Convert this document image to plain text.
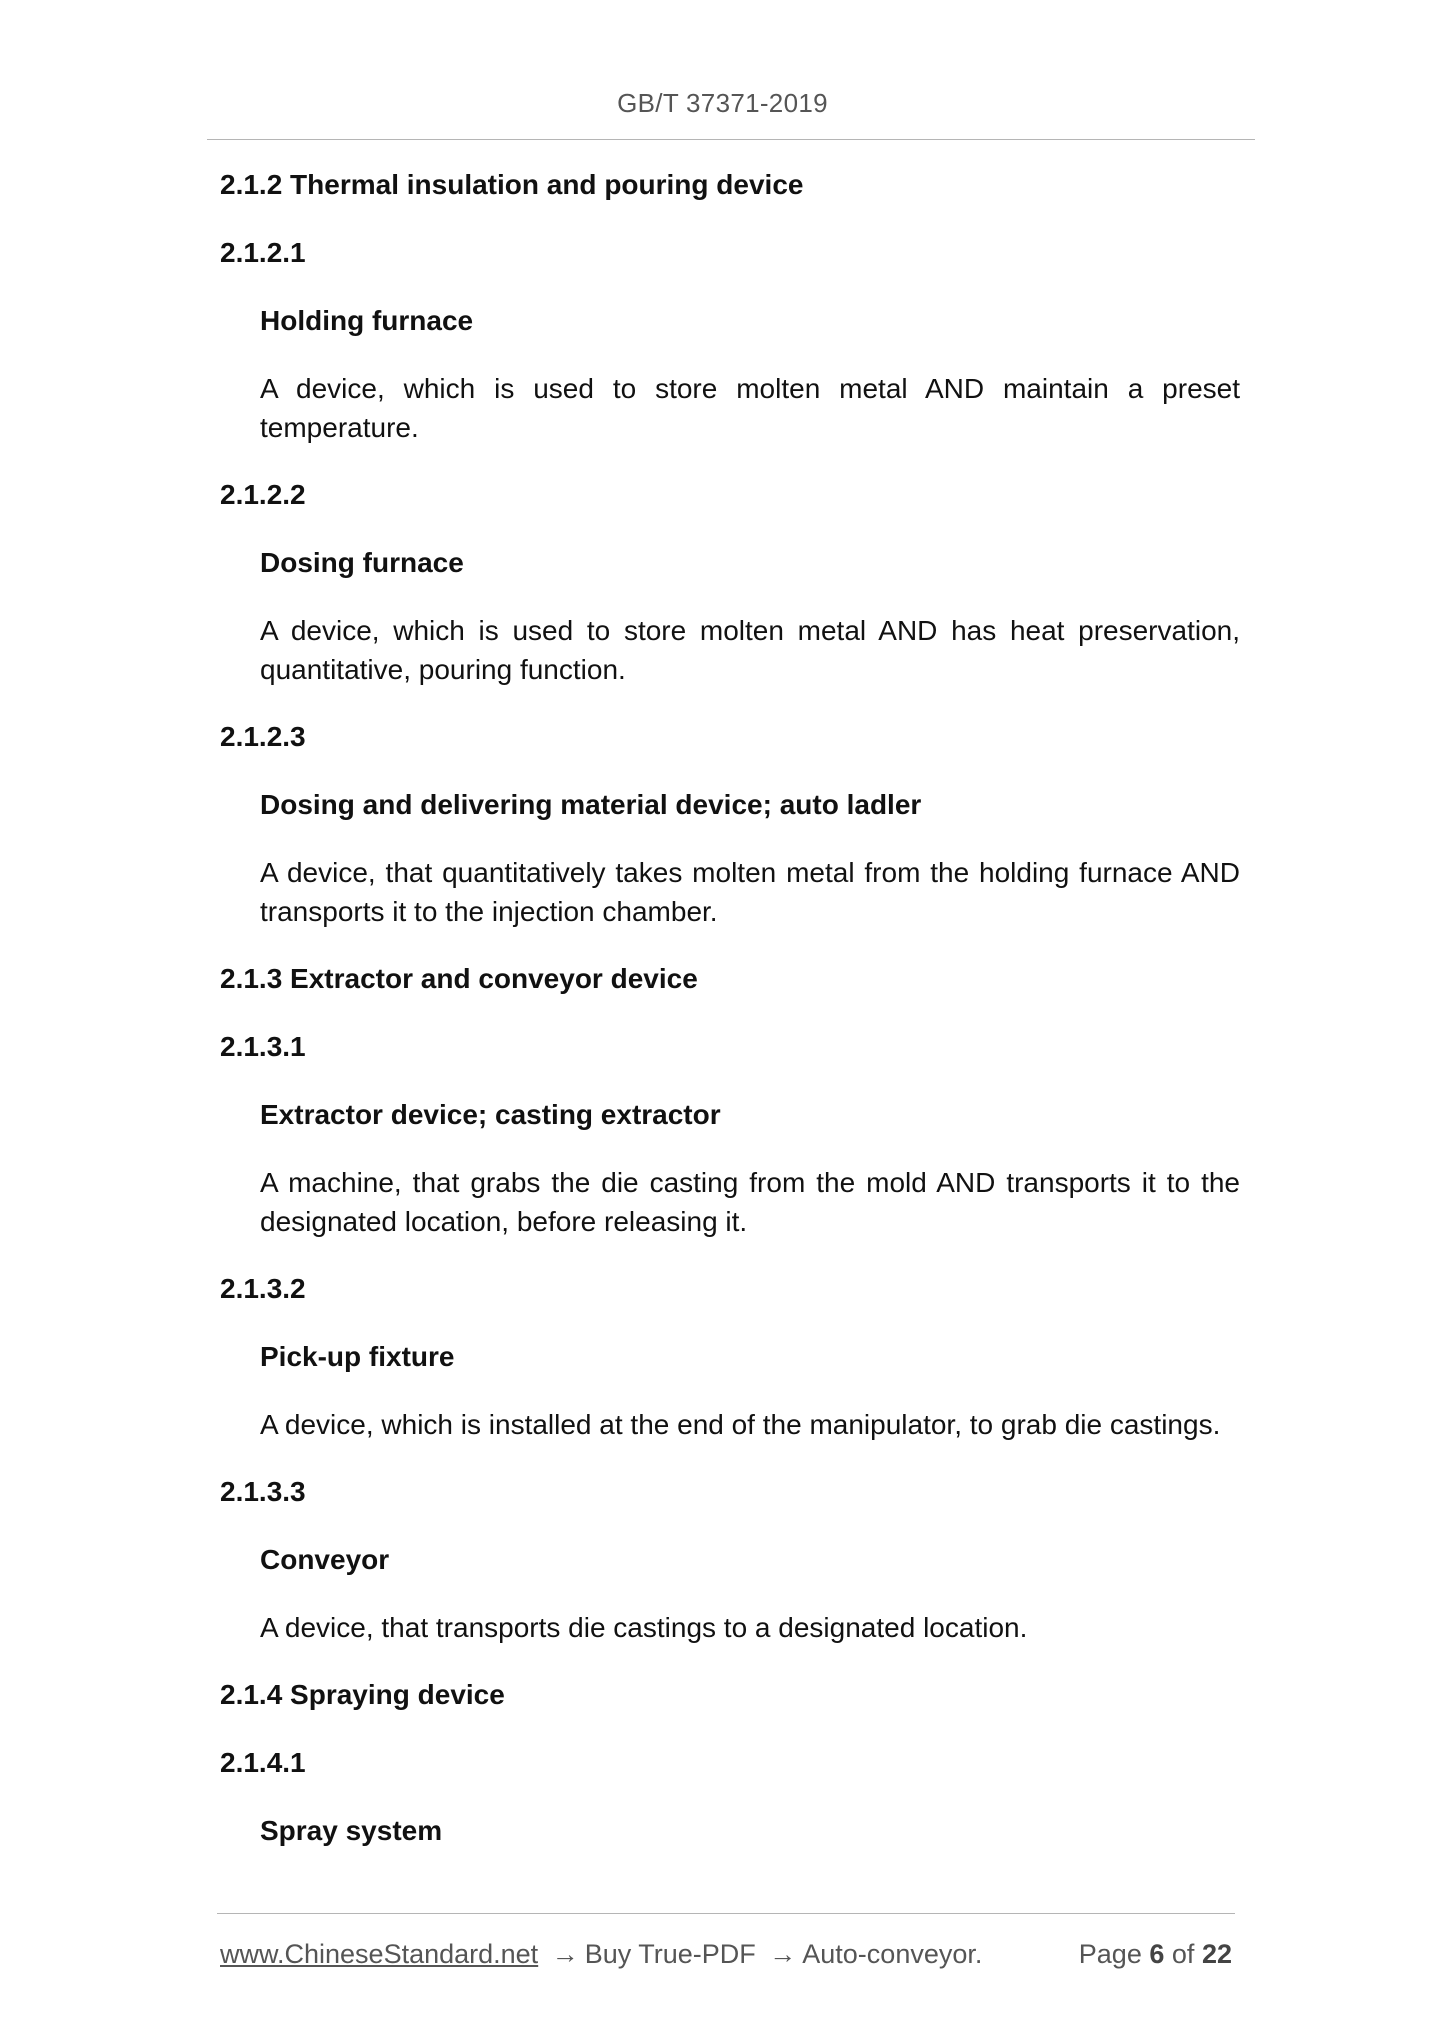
GB/T 37371-2019
2.1.2 Thermal insulation and pouring device
2.1.2.1
Holding furnace
A device, which is used to store molten metal AND maintain a preset temperature.
2.1.2.2
Dosing furnace
A device, which is used to store molten metal AND has heat preservation, quantitative, pouring function.
2.1.2.3
Dosing and delivering material device; auto ladler
A device, that quantitatively takes molten metal from the holding furnace AND transports it to the injection chamber.
2.1.3 Extractor and conveyor device
2.1.3.1
Extractor device; casting extractor
A machine, that grabs the die casting from the mold AND transports it to the designated location, before releasing it.
2.1.3.2
Pick-up fixture
A device, which is installed at the end of the manipulator, to grab die castings.
2.1.3.3
Conveyor
A device, that transports die castings to a designated location.
2.1.4 Spraying device
2.1.4.1
Spray system
www.ChineseStandard.net → Buy True-PDF → Auto-conveyor.	Page 6 of 22
